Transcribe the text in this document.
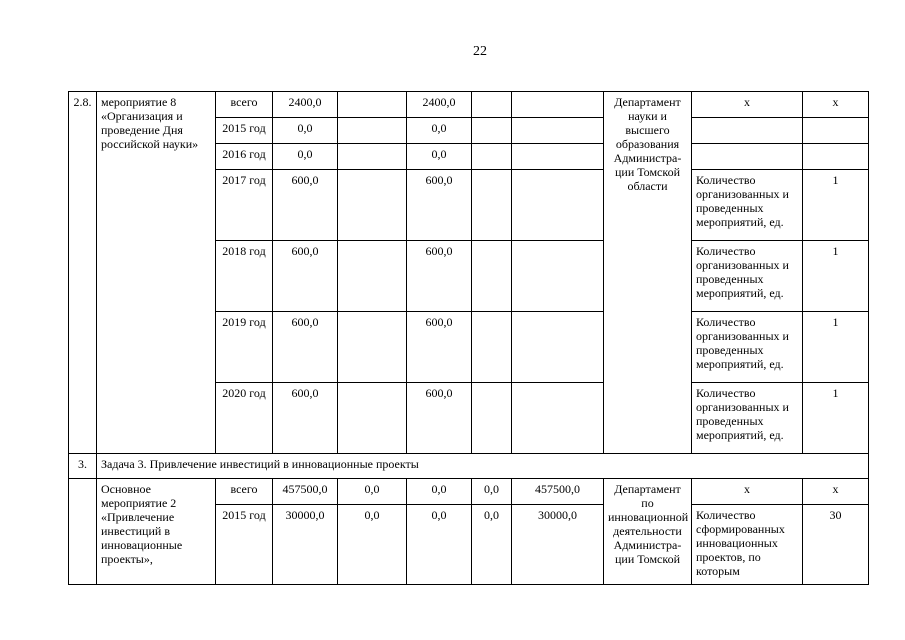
22
2.8.	мероприятие 8 «Организация и проведение Дня российской науки»	всего	2400,0		2400,0			Департамент науки и высшего образования Администра-ции Томской области	х	х
		2015 год	0,0		0,0					
		2016 год	0,0		0,0					
		2017 год	600,0		600,0				Количество организованных и проведенных мероприятий, ед.	1
		2018 год	600,0		600,0				Количество организованных и проведенных мероприятий, ед.	1
		2019 год	600,0		600,0				Количество организованных и проведенных мероприятий, ед.	1
		2020 год	600,0		600,0				Количество организованных и проведенных мероприятий, ед.	1
3.	Задача 3. Привлечение инвестиций в инновационные проекты									
	Основное мероприятие 2 «Привлечение инвестиций в инновационные проекты»,	всего	457500,0	0,0	0,0	0,0	457500,0	Департамент по инновационной деятельности Администра-ции Томской	х	х
		2015 год	30000,0	0,0	0,0	0,0	30000,0		Количество сформированных инновационных проектов, по которым	30
